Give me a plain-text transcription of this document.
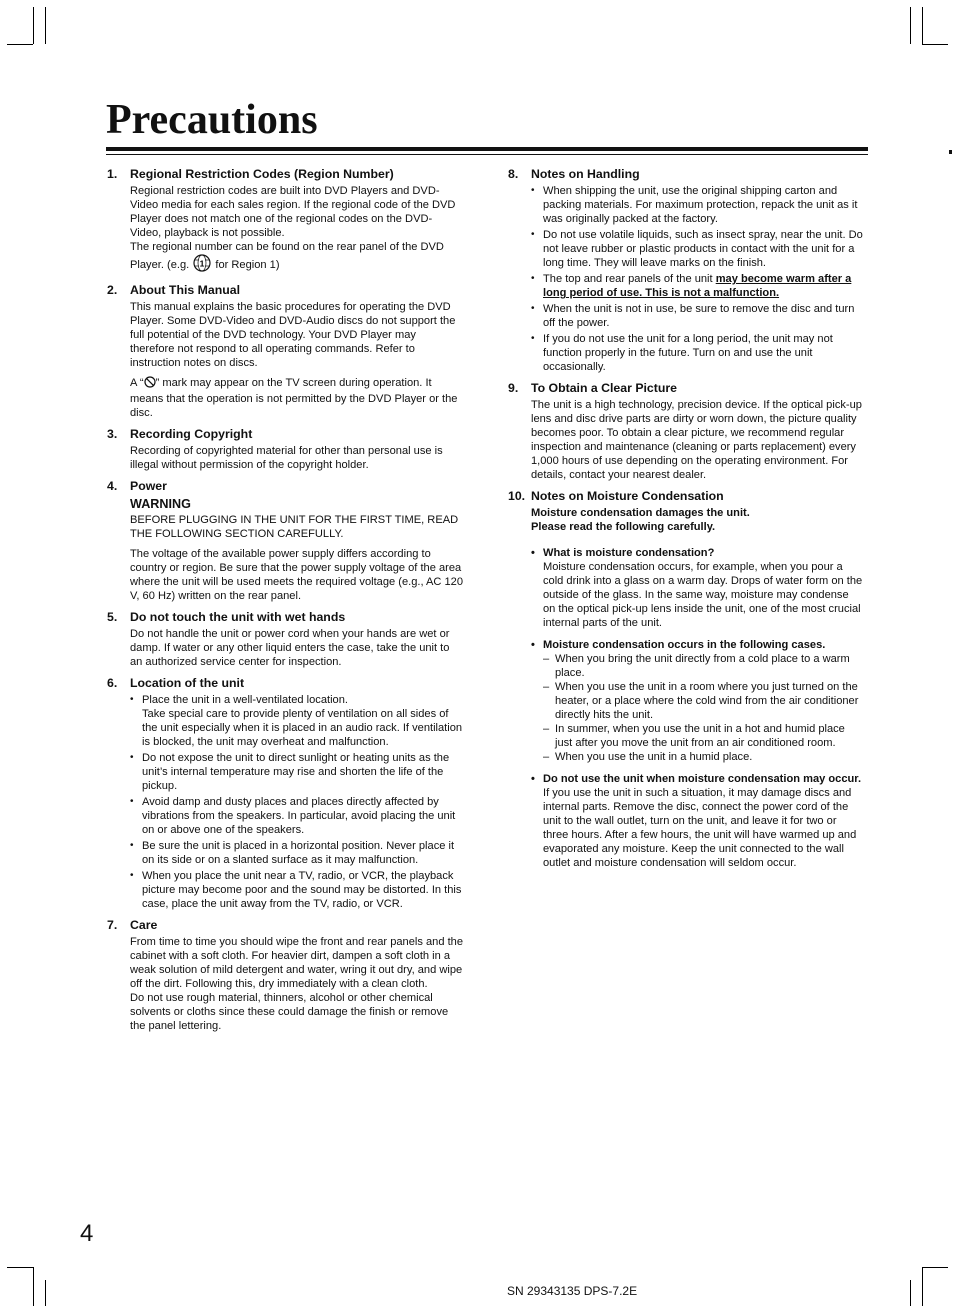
Precautions
1.	Regional Restriction Codes (Region Number)

Regional restriction codes are built into DVD Players and DVD-Video media for each sales region. If the regional code of the DVD Player does not match one of the regional codes on the DVD-Video, playback is not possible.

The regional number can be found on the rear panel of the DVD Player. (e.g. 1 for Region 1)

2.	About This Manual

This manual explains the basic procedures for operating the DVD Player. Some DVD-Video and DVD-Audio discs do not support the full potential of the DVD technology. Your DVD Player may therefore not respond to all operating commands. Refer to instruction notes on discs.

A “ ” mark may appear on the TV screen during operation. It means that the operation is not permitted by the DVD Player or the disc.

3.	Recording Copyright

Recording of copyrighted material for other than personal use is illegal without permission of the copyright holder.

4.	Power
WARNING

BEFORE PLUGGING IN THE UNIT FOR THE FIRST TIME, READ THE FOLLOWING SECTION CAREFULLY.

The voltage of the available power supply differs according to country or region. Be sure that the power supply voltage of the area where the unit will be used meets the required voltage (e.g., AC 120 V, 60 Hz) written on the rear panel.

5.	Do not touch the unit with wet hands

Do not handle the unit or power cord when your hands are wet or damp. If water or any other liquid enters the case, take the unit to an authorized service center for inspection.

6.	Location of the unit
• Place the unit in a well-ventilated location.
Take special care to provide plenty of ventilation on all sides of the unit especially when it is placed in an audio rack. If ventilation is blocked, the unit may overheat and malfunction.
• Do not expose the unit to direct sunlight or heating units as the unit’s internal temperature may rise and shorten the life of the pickup.
• Avoid damp and dusty places and places directly affected by vibrations from the speakers. In particular, avoid placing the unit on or above one of the speakers.
• Be sure the unit is placed in a horizontal position. Never place it on its side or on a slanted surface as it may malfunction.
• When you place the unit near a TV, radio, or VCR, the playback picture may become poor and the sound may be distorted. In this case, place the unit away from the TV, radio, or VCR.
7.	Care

From time to time you should wipe the front and rear panels and the cabinet with a soft cloth. For heavier dirt, dampen a soft cloth in a weak solution of mild detergent and water, wring it out dry, and wipe off the dirt. Following this, dry immediately with a clean cloth.

Do not use rough material, thinners, alcohol or other chemical solvents or cloths since these could damage the finish or remove the panel lettering.

8.	Notes on Handling
• When shipping the unit, use the original shipping carton and packing materials. For maximum protection, repack the unit as it was originally packed at the factory.
• Do not use volatile liquids, such as insect spray, near the unit. Do not leave rubber or plastic products in contact with the unit for a long time. They will leave marks on the finish.
• The top and rear panels of the unit may become warm after a long period of use. This is not a malfunction.
• When the unit is not in use, be sure to remove the disc and turn off the power.
• If you do not use the unit for a long period, the unit may not function properly in the future. Turn on and use the unit occasionally.
9.	To Obtain a Clear Picture

The unit is a high technology, precision device. If the optical pick-up lens and disc drive parts are dirty or worn down, the picture quality becomes poor. To obtain a clear picture, we recommend regular inspection and maintenance (cleaning or parts replacement) every 1,000 hours of use depending on the operating environment. For details, contact your nearest dealer.

10. Notes on Moisture Condensation

Moisture condensation damages the unit.

Please read the following carefully.

• What is moisture condensation?
Moisture condensation occurs, for example, when you pour a cold drink into a glass on a warm day. Drops of water form on the outside of the glass. In the same way, moisture may condense on the optical pick-up lens inside the unit, one of the most crucial internal parts of the unit.
• Moisture condensation occurs in the following cases.
– When you bring the unit directly from a cold place to a warm place.
– When you use the unit in a room where you just turned on the heater, or a place where the cold wind from the air conditioner directly hits the unit.
– In summer, when you use the unit in a hot and humid place just after you move the unit from an air conditioned room.
– When you use the unit in a humid place.
• Do not use the unit when moisture condensation may occur.
If you use the unit in such a situation, it may damage discs and internal parts. Remove the disc, connect the power cord of the unit to the wall outlet, turn on the unit, and leave it for two or three hours. After a few hours, the unit will have warmed up and evaporated any moisture. Keep the unit connected to the wall outlet and moisture condensation will seldom occur.
4
SN 29343135 DPS-7.2E
